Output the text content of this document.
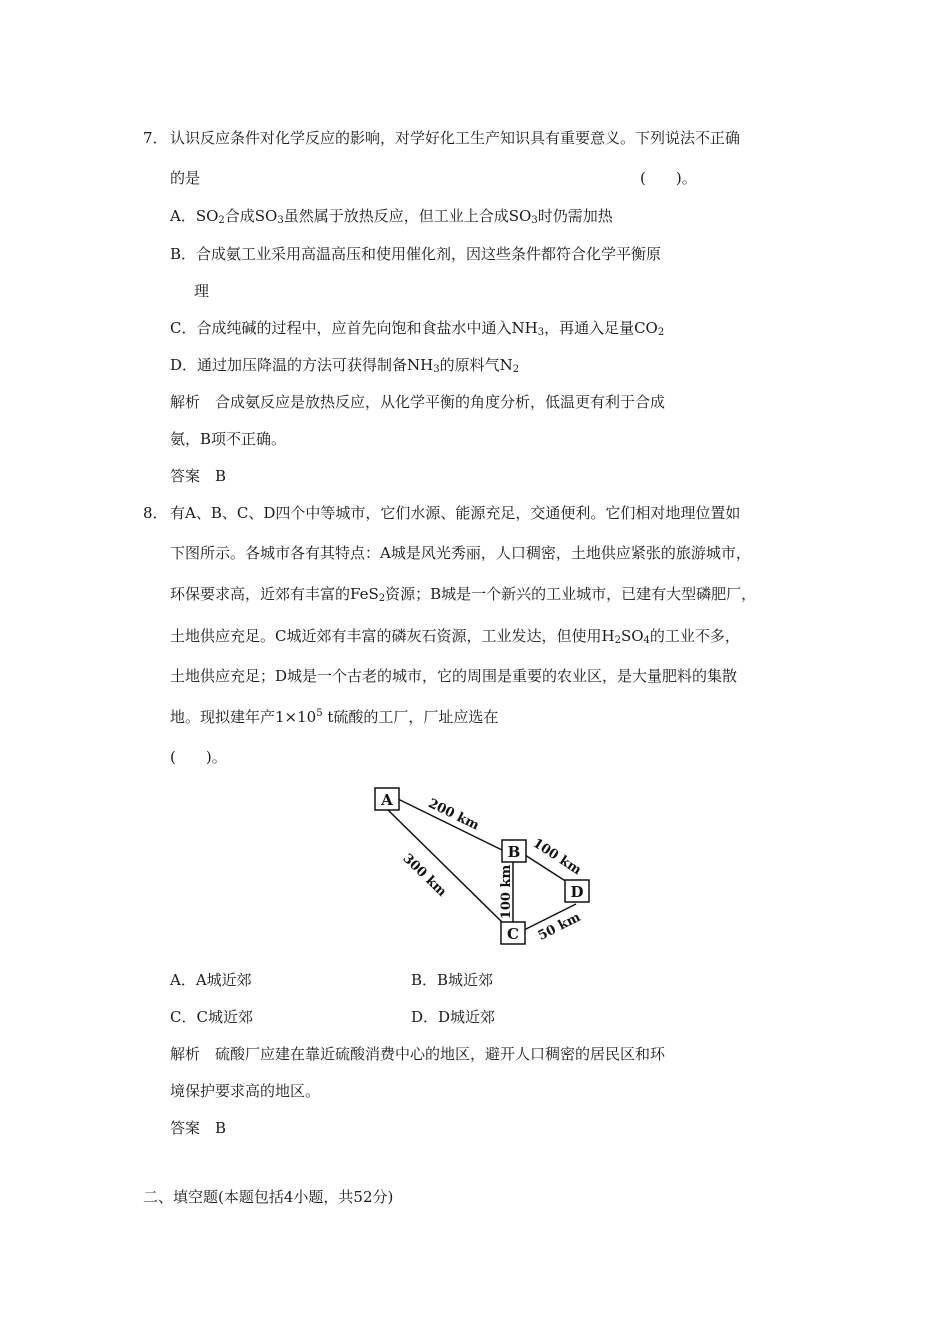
7． 认识反应条件对化学反应的影响，对学好化工生产知识具有重要意义。下列说法不正确
的是	(　　)。
A．$SO_2$合成$SO_3$虽然属于放热反应，但工业上合成$SO_3$时仍需加热
B．合成氨工业采用高温高压和使用催化剂，因这些条件都符合化学平衡原
理
C．合成纯碱的过程中，应首先向饱和食盐水中通入$NH_3$，再通入足量$CO_2$
D．通过加压降温的方法可获得制备$NH_3$的原料气$N_2$
解析　合成氨反应是放热反应，从化学平衡的角度分析，低温更有利于合成
氨，B项不正确。
答案　B
8． 有A、B、C、D四个中等城市，它们水源、能源充足，交通便利。它们相对地理位置如
下图所示。各城市各有其特点：A城是风光秀丽，人口稠密，土地供应紧张的旅游城市，
环保要求高，近郊有丰富的FeS$_2$资源；B城是一个新兴的工业城市，已建有大型磷肥厂，
土地供应充足。C城近郊有丰富的磷灰石资源，工业发达，但使用$H_2SO_4$的工业不多，
土地供应充足；D城是一个古老的城市，它的周围是重要的农业区，是大量肥料的集散
地。现拟建年产$1\times 10^5$ t硫酸的工厂，厂址应选在
(　　)。
A
B
C
D
200 km
300 km	100 km
100 km
50 km
A．A城近郊	B．B城近郊
C．C城近郊	D．D城近郊
解析　硫酸厂应建在靠近硫酸消费中心的地区，避开人口稠密的居民区和环
境保护要求高的地区。
答案　B
二、填空题(本题包括4小题，共52分)
